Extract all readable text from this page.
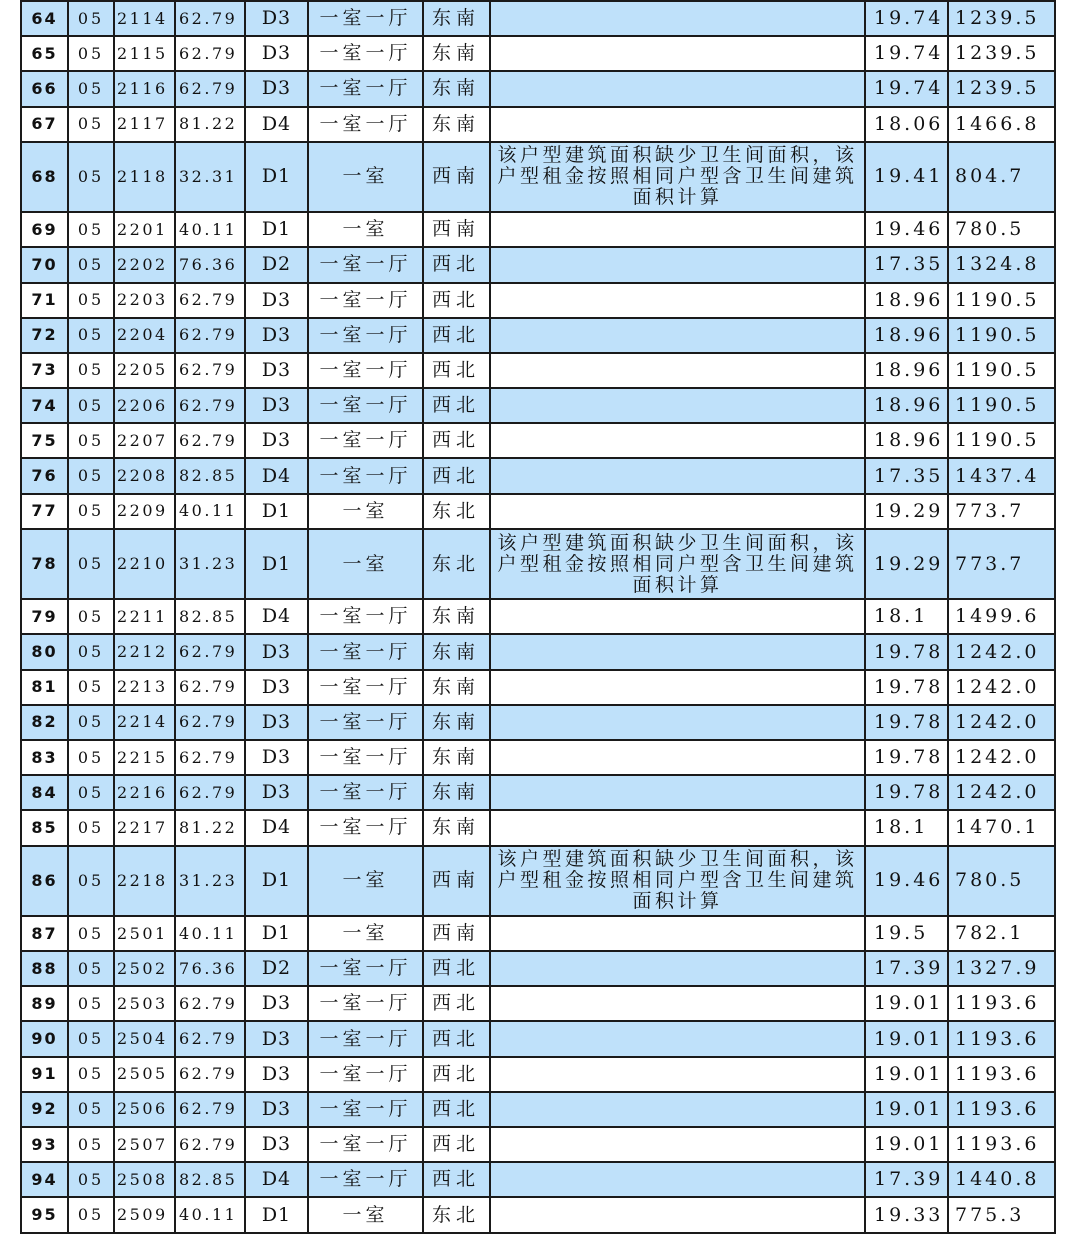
64	05	2114	62.79	D3	一室一厅	东南		19.74	1239.5
65	05	2115	62.79	D3	一室一厅	东南		19.74	1239.5
66	05	2116	62.79	D3	一室一厅	东南		19.74	1239.5
67	05	2117	81.22	D4	一室一厅	东南		18.06	1466.8
68	05	2118	32.31	D1	一室	西南	该户型建筑面积缺少卫生间面积，该户型租金按照相同户型含卫生间建筑面积计算	19.41	804.7
69	05	2201	40.11	D1	一室	西南		19.46	780.5
70	05	2202	76.36	D2	一室一厅	西北		17.35	1324.8
71	05	2203	62.79	D3	一室一厅	西北		18.96	1190.5
72	05	2204	62.79	D3	一室一厅	西北		18.96	1190.5
73	05	2205	62.79	D3	一室一厅	西北		18.96	1190.5
74	05	2206	62.79	D3	一室一厅	西北		18.96	1190.5
75	05	2207	62.79	D3	一室一厅	西北		18.96	1190.5
76	05	2208	82.85	D4	一室一厅	西北		17.35	1437.4
77	05	2209	40.11	D1	一室	东北		19.29	773.7
78	05	2210	31.23	D1	一室	东北	该户型建筑面积缺少卫生间面积，该户型租金按照相同户型含卫生间建筑面积计算	19.29	773.7
79	05	2211	82.85	D4	一室一厅	东南		18.1	1499.6
80	05	2212	62.79	D3	一室一厅	东南		19.78	1242.0
81	05	2213	62.79	D3	一室一厅	东南		19.78	1242.0
82	05	2214	62.79	D3	一室一厅	东南		19.78	1242.0
83	05	2215	62.79	D3	一室一厅	东南		19.78	1242.0
84	05	2216	62.79	D3	一室一厅	东南		19.78	1242.0
85	05	2217	81.22	D4	一室一厅	东南		18.1	1470.1
86	05	2218	31.23	D1	一室	西南	该户型建筑面积缺少卫生间面积，该户型租金按照相同户型含卫生间建筑面积计算	19.46	780.5
87	05	2501	40.11	D1	一室	西南		19.5	782.1
88	05	2502	76.36	D2	一室一厅	西北		17.39	1327.9
89	05	2503	62.79	D3	一室一厅	西北		19.01	1193.6
90	05	2504	62.79	D3	一室一厅	西北		19.01	1193.6
91	05	2505	62.79	D3	一室一厅	西北		19.01	1193.6
92	05	2506	62.79	D3	一室一厅	西北		19.01	1193.6
93	05	2507	62.79	D3	一室一厅	西北		19.01	1193.6
94	05	2508	82.85	D4	一室一厅	西北		17.39	1440.8
95	05	2509	40.11	D1	一室	东北		19.33	775.3
